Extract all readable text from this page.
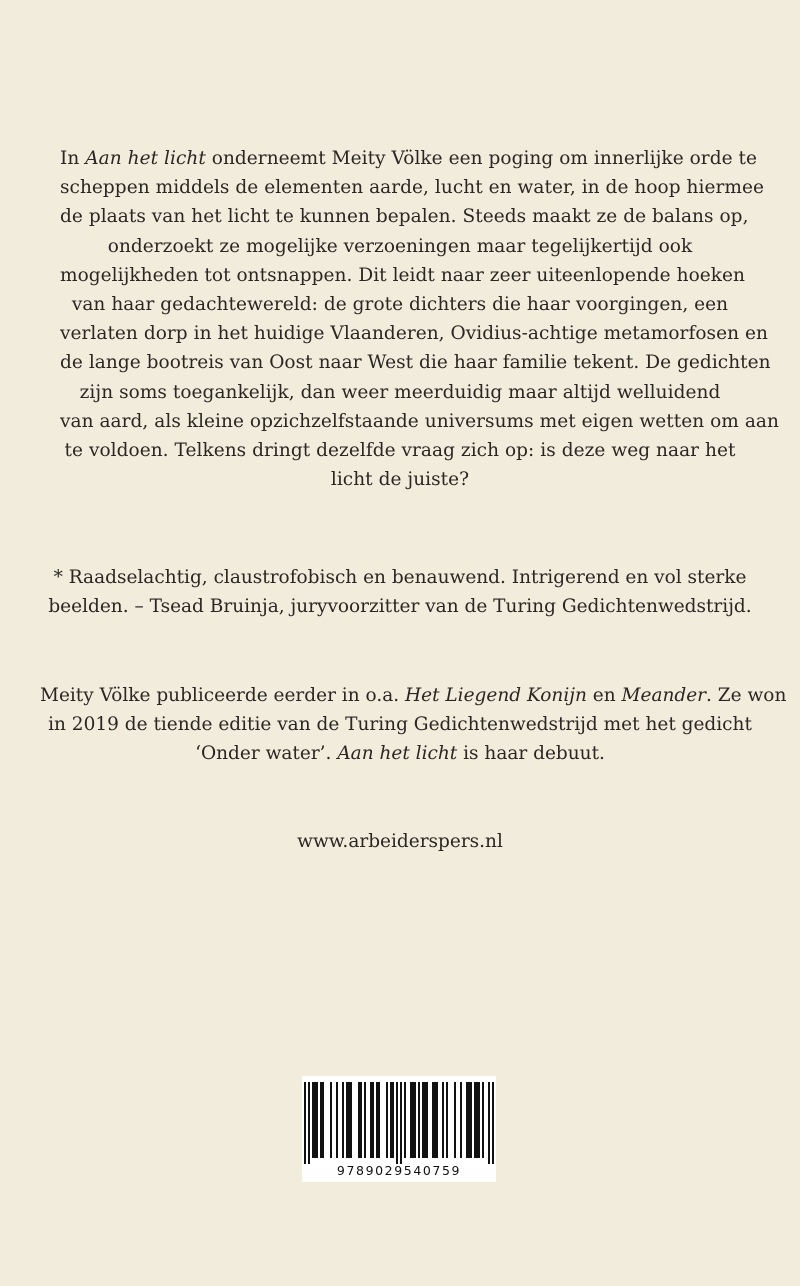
In Aan het licht onderneemt Meity Völke een poging om innerlijke orde te
scheppen middels de elementen aarde, lucht en water, in de hoop hiermee
de plaats van het licht te kunnen bepalen. Steeds maakt ze de balans op,
onderzoekt ze mogelijke verzoeningen maar tegelijkertijd ook
mogelijkheden tot ontsnappen. Dit leidt naar zeer uiteenlopende hoeken
van haar gedachtewereld: de grote dichters die haar voorgingen, een
verlaten dorp in het huidige Vlaanderen, Ovidius-achtige metamorfosen en
de lange bootreis van Oost naar West die haar familie tekent. De gedichten
zijn soms toegankelijk, dan weer meerduidig maar altijd welluidend
van aard, als kleine opzichzelfstaande universums met eigen wetten om aan
te voldoen. Telkens dringt dezelfde vraag zich op: is deze weg naar het
licht de juiste?

* Raadselachtig, claustrofobisch en benauwend. Intrigerend en vol sterke
beelden. – Tsead Bruinja, juryvoorzitter van de Turing Gedichtenwedstrijd.
Meity Völke publiceerde eerder in o.a. Het Liegend Konijn en Meander. Ze won
in 2019 de tiende editie van de Turing Gedichtenwedstrijd met het gedicht
‘Onder water’. Aan het licht is haar debuut.
www.arbeiderspers.nl
9789029540759
